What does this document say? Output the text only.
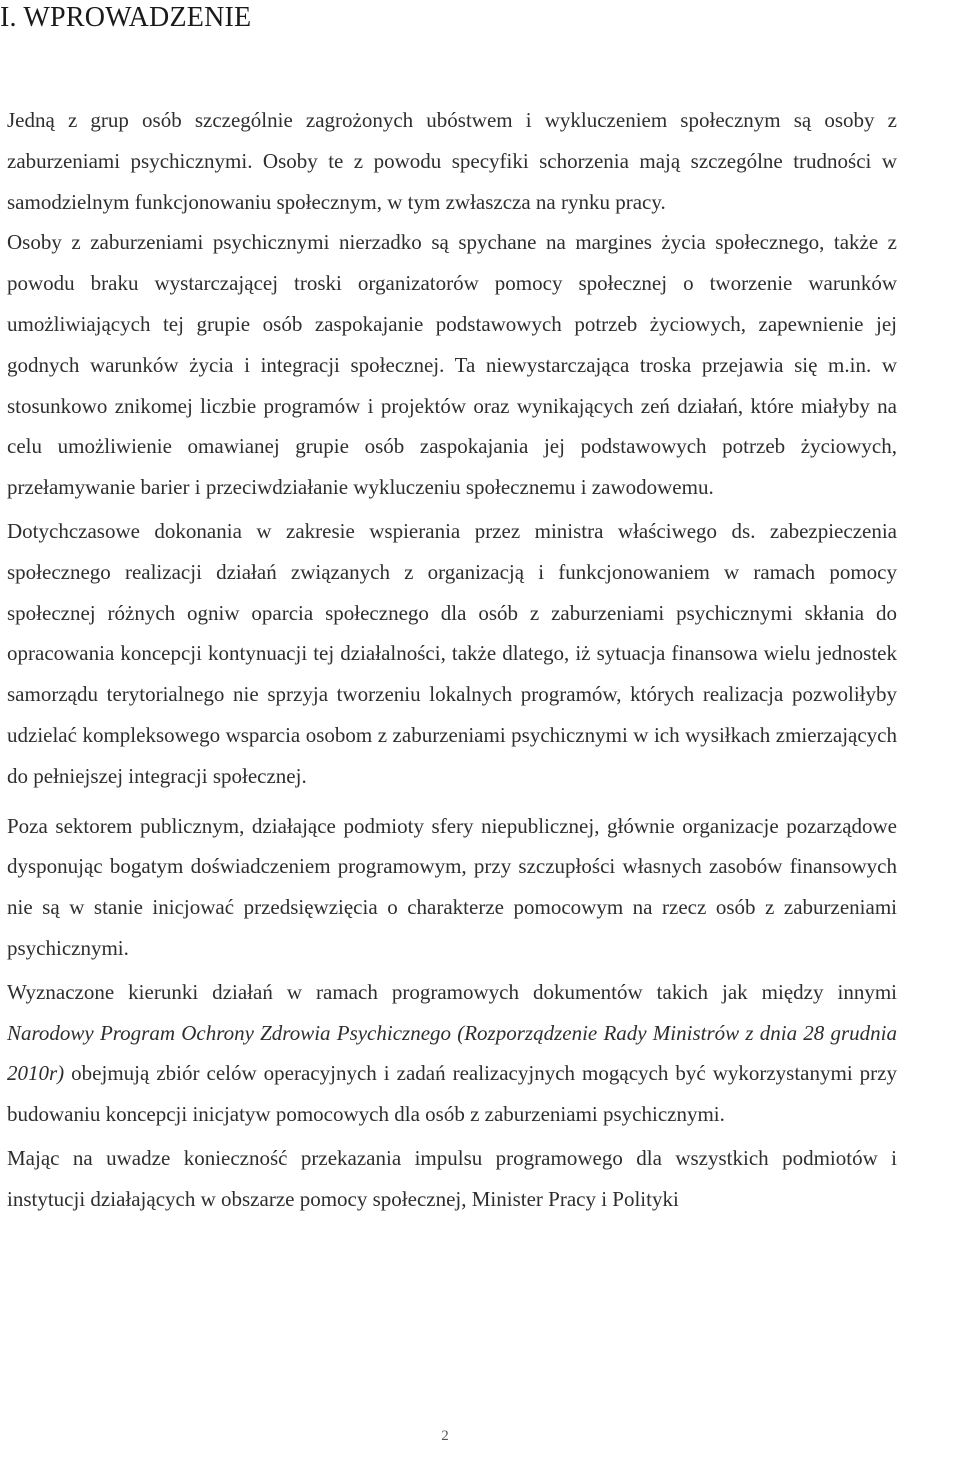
I. WPROWADZENIE

Jedną z grup osób szczególnie zagrożonych ubóstwem i wykluczeniem społecznym są osoby z zaburzeniami psychicznymi. Osoby te z powodu specyfiki schorzenia mają szczególne trudności w samodzielnym funkcjonowaniu społecznym, w tym zwłaszcza na rynku pracy.

Osoby z zaburzeniami psychicznymi nierzadko są spychane na margines życia społecznego, także z powodu braku wystarczającej troski organizatorów pomocy społecznej o tworzenie warunków umożliwiających tej grupie osób zaspokajanie podstawowych potrzeb życiowych, zapewnienie jej godnych warunków życia i integracji społecznej. Ta niewystarczająca troska przejawia się m.in. w stosunkowo znikomej liczbie programów i projektów oraz wynikających zeń działań, które miałyby na celu umożliwienie omawianej grupie osób zaspokajania jej podstawowych potrzeb życiowych, przełamywanie barier i przeciwdziałanie wykluczeniu społecznemu i zawodowemu.

Dotychczasowe dokonania w zakresie wspierania przez ministra właściwego ds. zabezpieczenia społecznego realizacji działań związanych z organizacją i funkcjonowaniem w ramach pomocy społecznej różnych ogniw oparcia społecznego dla osób z zaburzeniami psychicznymi skłania do opracowania koncepcji kontynuacji tej działalności, także dlatego, iż sytuacja finansowa wielu jednostek samorządu terytorialnego nie sprzyja tworzeniu lokalnych programów, których realizacja pozwoliłyby udzielać kompleksowego wsparcia osobom z zaburzeniami psychicznymi w ich wysiłkach zmierzających do pełniejszej integracji społecznej.

Poza sektorem publicznym, działające podmioty sfery niepublicznej, głównie organizacje pozarządowe dysponując bogatym doświadczeniem programowym, przy szczupłości własnych zasobów finansowych nie są w stanie inicjować przedsięwzięcia o charakterze pomocowym na rzecz osób z zaburzeniami psychicznymi.

Wyznaczone kierunki działań w ramach programowych dokumentów takich jak między innymi Narodowy Program Ochrony Zdrowia Psychicznego (Rozporządzenie Rady Ministrów z dnia 28 grudnia 2010r) obejmują zbiór celów operacyjnych i zadań realizacyjnych mogących być wykorzystanymi przy budowaniu koncepcji inicjatyw pomocowych dla osób z zaburzeniami psychicznymi.

Mając na uwadze konieczność przekazania impulsu programowego dla wszystkich podmiotów i instytucji działających w obszarze pomocy społecznej, Minister Pracy i Polityki

2
